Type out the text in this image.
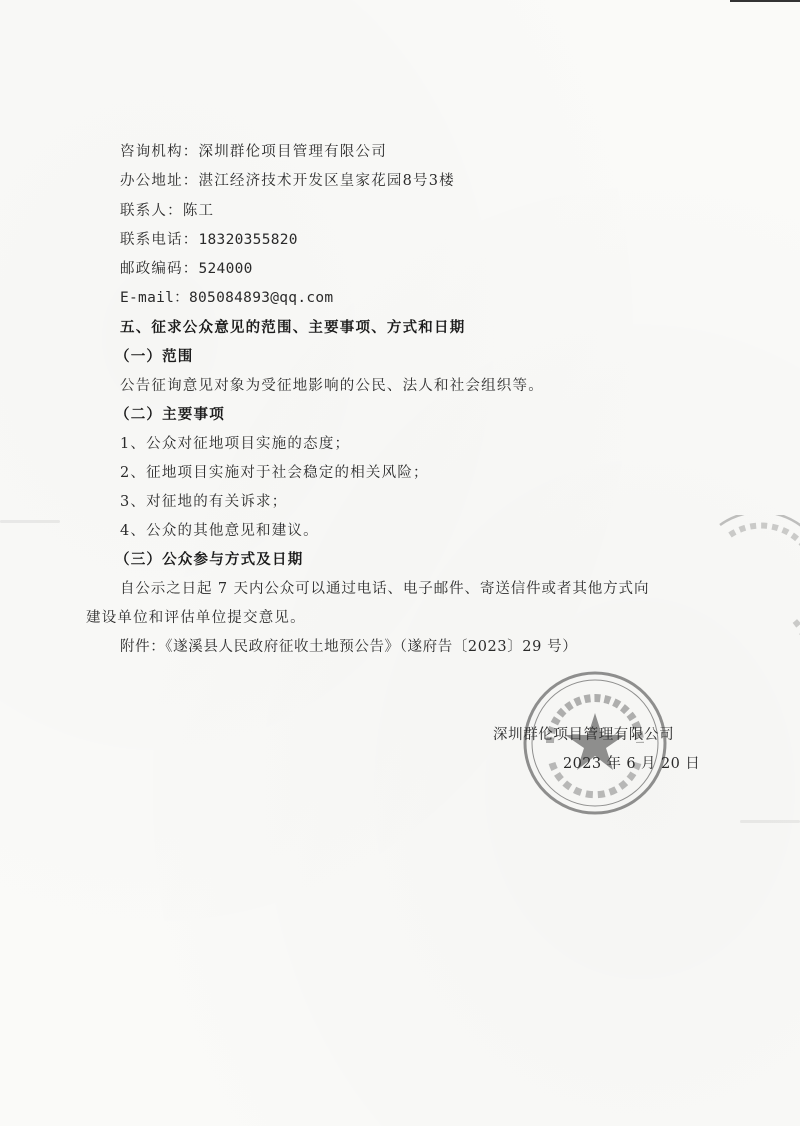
咨询机构： 深圳群伦项目管理有限公司
办公地址： 湛江经济技术开发区皇家花园8号3楼
联系人： 陈工
联系电话： 18320355820
邮政编码： 524000
E-mail： 805084893@qq.com
五、征求公众意见的范围、主要事项、方式和日期
（一）范围
公告征询意见对象为受征地影响的公民、法人和社会组织等。
（二）主要事项
1、公众对征地项目实施的态度；
2、征地项目实施对于社会稳定的相关风险；
3、对征地的有关诉求；
4、公众的其他意见和建议。
（三）公众参与方式及日期
自公示之日起 7 天内公众可以通过电话、电子邮件、寄送信件或者其他方式向
建设单位和评估单位提交意见。
附件：《遂溪县人民政府征收土地预公告》（遂府告〔2023〕29 号）
深圳群伦项目管理有限公司
2023 年 6 月 20 日
